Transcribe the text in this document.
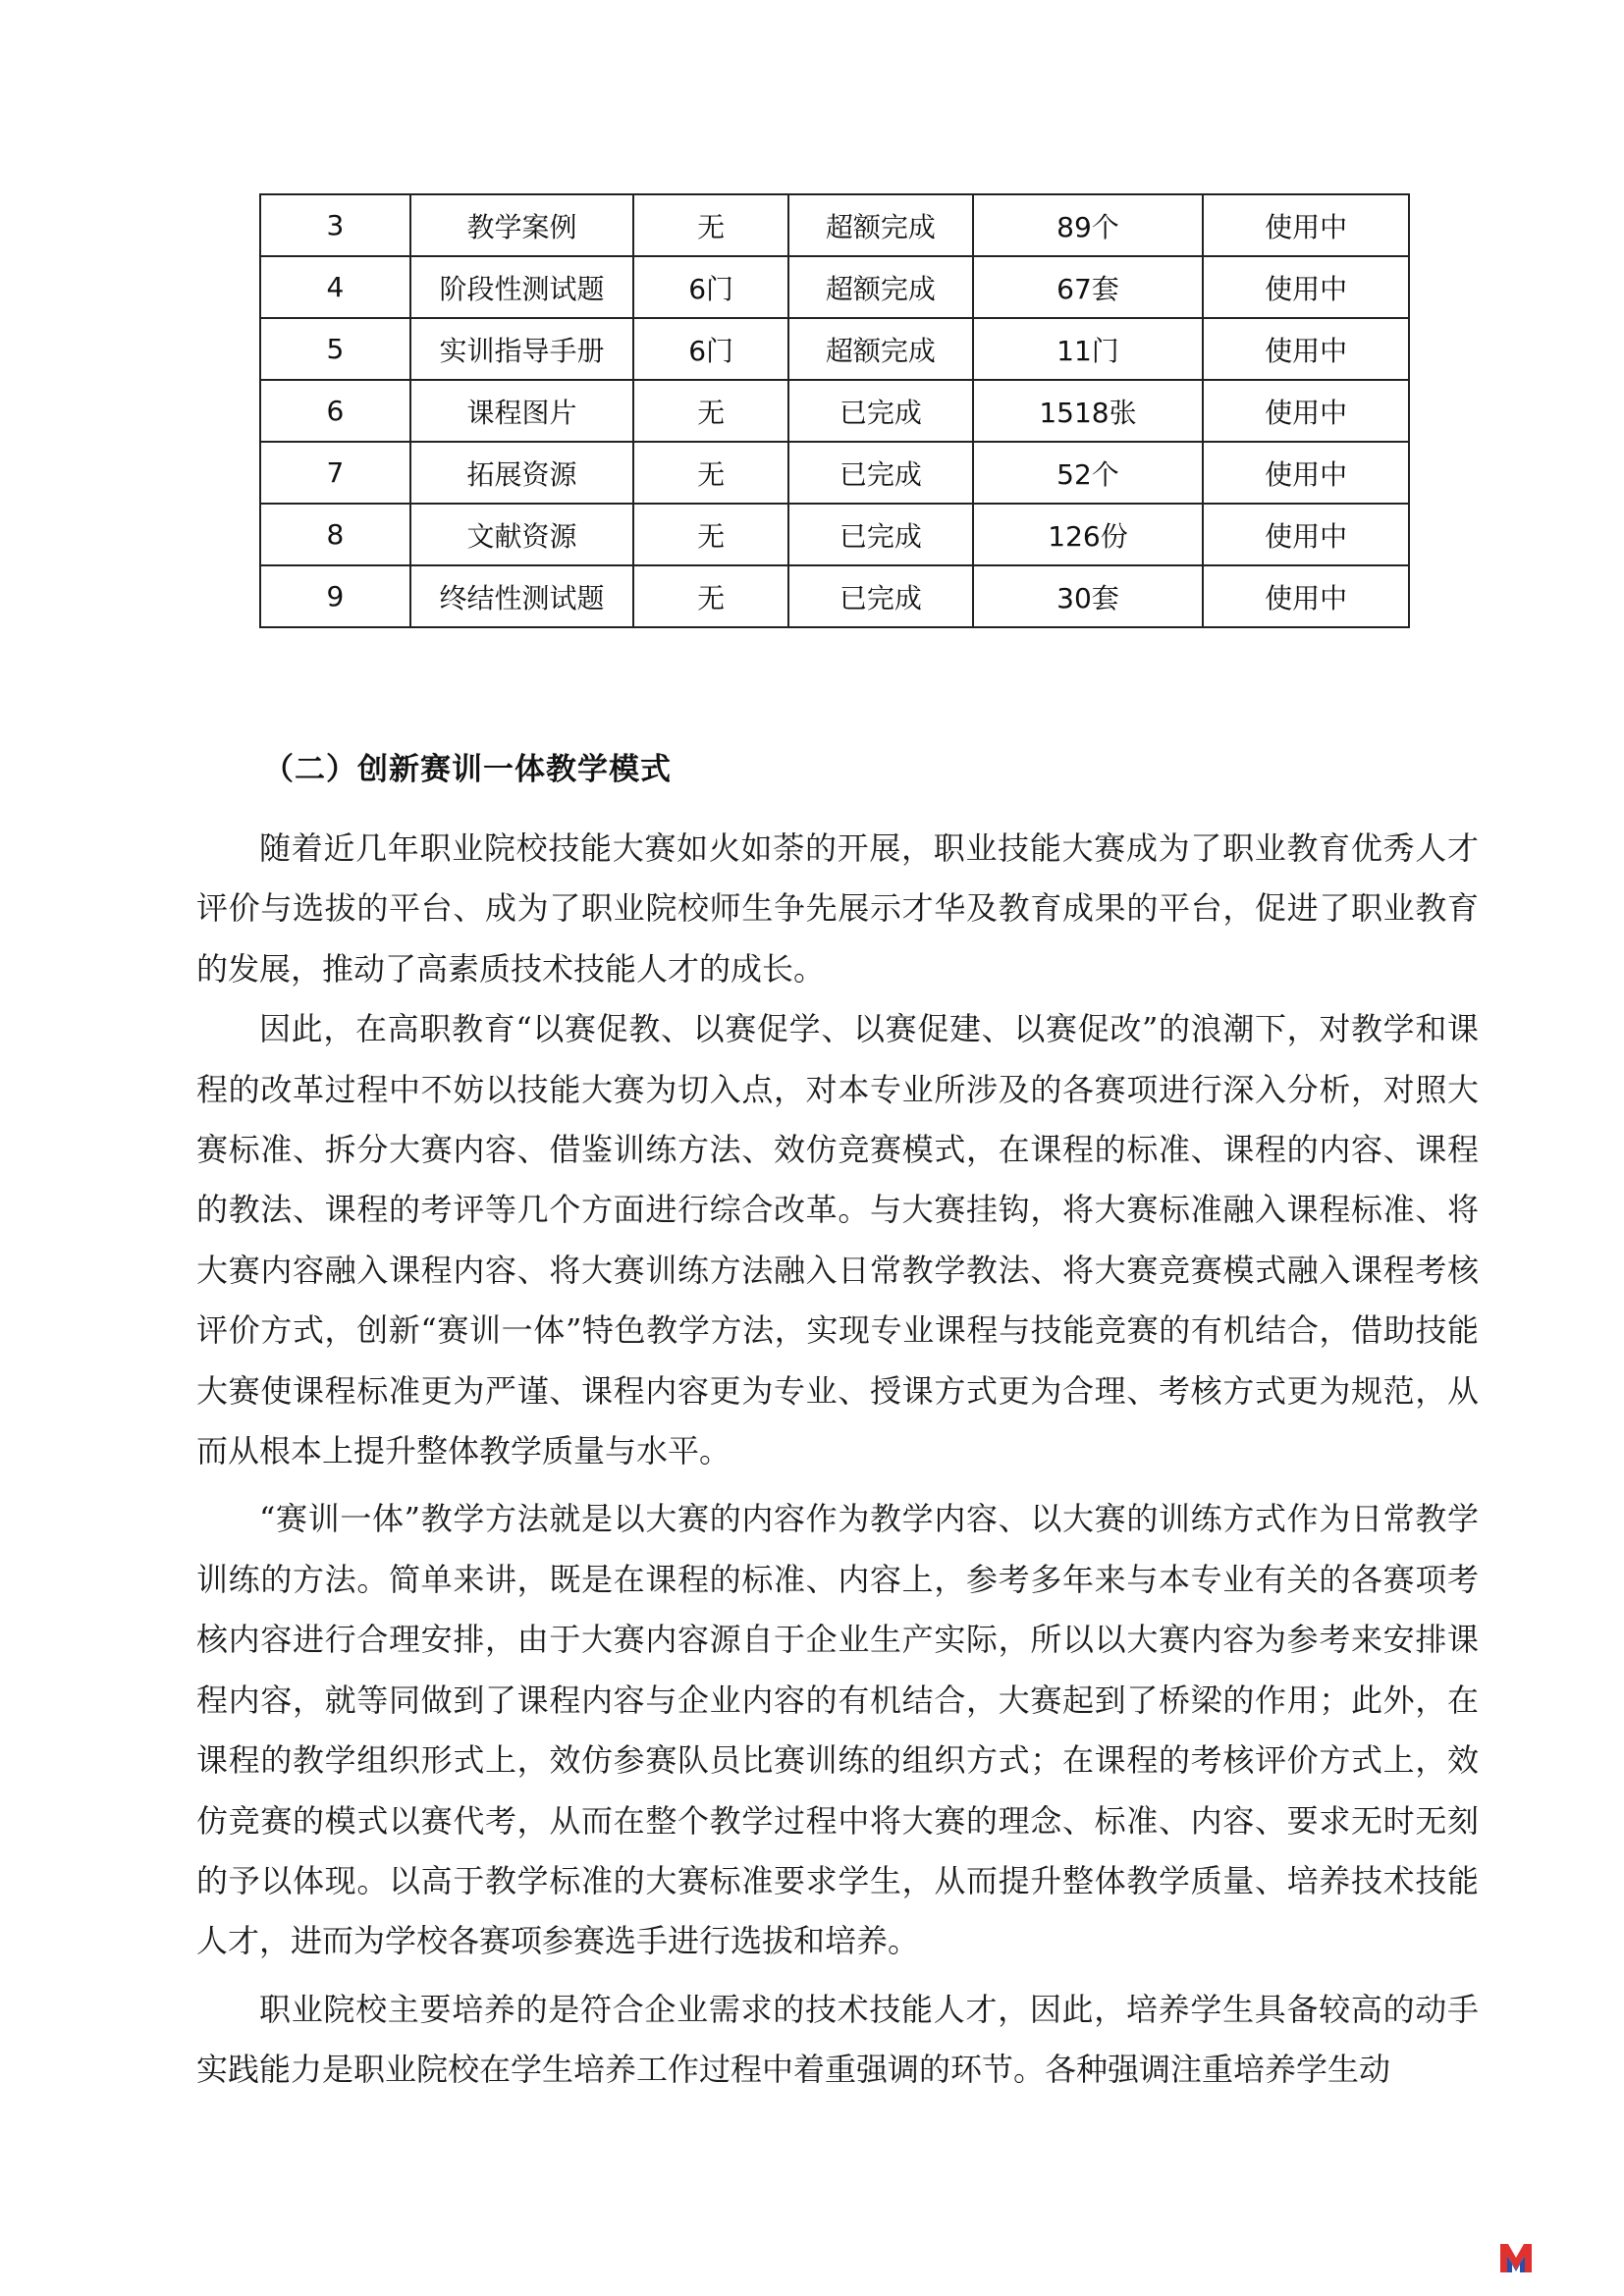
3	教学案例	无	超额完成	89个	使用中
4	阶段性测试题	6门	超额完成	67套	使用中
5	实训指导手册	6门	超额完成	11门	使用中
6	课程图片	无	已完成	1518张	使用中
7	拓展资源	无	已完成	52个	使用中
8	文献资源	无	已完成	126份	使用中
9	终结性测试题	无	已完成	30套	使用中
（二）创新赛训一体教学模式

随着近几年职业院校技能大赛如火如荼的开展，职业技能大赛成为了职业教育优秀人才评价与选拔的平台、成为了职业院校师生争先展示才华及教育成果的平台，促进了职业教育的发展，推动了高素质技术技能人才的成长。

因此，在高职教育“以赛促教、以赛促学、以赛促建、以赛促改”的浪潮下，对教学和课程的改革过程中不妨以技能大赛为切入点，对本专业所涉及的各赛项进行深入分析，对照大赛标准、拆分大赛内容、借鉴训练方法、效仿竞赛模式，在课程的标准、课程的内容、课程的教法、课程的考评等几个方面进行综合改革。与大赛挂钩，将大赛标准融入课程标准、将大赛内容融入课程内容、将大赛训练方法融入日常教学教法、将大赛竞赛模式融入课程考核评价方式，创新“赛训一体”特色教学方法，实现专业课程与技能竞赛的有机结合，借助技能大赛使课程标准更为严谨、课程内容更为专业、授课方式更为合理、考核方式更为规范，从而从根本上提升整体教学质量与水平。

“赛训一体”教学方法就是以大赛的内容作为教学内容、以大赛的训练方式作为日常教学训练的方法。简单来讲，既是在课程的标准、内容上，参考多年来与本专业有关的各赛项考核内容进行合理安排，由于大赛内容源自于企业生产实际，所以以大赛内容为参考来安排课程内容，就等同做到了课程内容与企业内容的有机结合，大赛起到了桥梁的作用；此外，在课程的教学组织形式上，效仿参赛队员比赛训练的组织方式；在课程的考核评价方式上，效仿竞赛的模式以赛代考，从而在整个教学过程中将大赛的理念、标准、内容、要求无时无刻的予以体现。以高于教学标准的大赛标准要求学生，从而提升整体教学质量、培养技术技能人才，进而为学校各赛项参赛选手进行选拔和培养。

职业院校主要培养的是符合企业需求的技术技能人才，因此，培养学生具备较高的动手实践能力是职业院校在学生培养工作过程中着重强调的环节。各种强调注重培养学生动
